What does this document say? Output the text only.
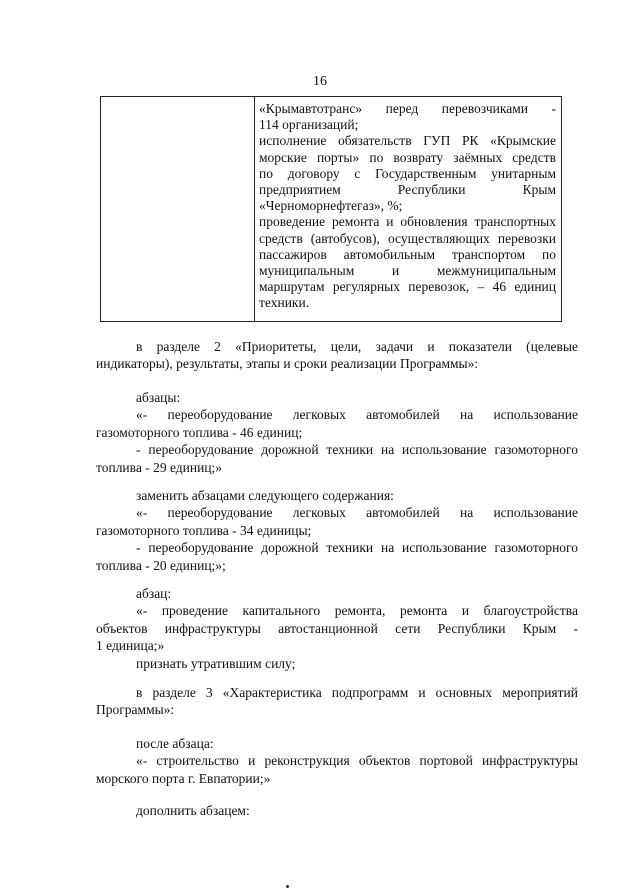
16
«Крымавтотранс» перед перевозчиками -
114 организаций;
исполнение обязательств ГУП РК «Крымские
морские порты» по возврату заёмных средств
по договору с Государственным унитарным
предприятием Республики Крым
«Черноморнефтегаз», %;
проведение ремонта и обновления транспортных
средств (автобусов), осуществляющих перевозки
пассажиров автомобильным транспортом по
муниципальным и межмуниципальным
маршрутам регулярных перевозок, – 46 единиц
техники.
в разделе 2 «Приоритеты, цели, задачи и показатели (целевые
индикаторы), результаты, этапы и сроки реализации Программы»:
абзацы:
«- переоборудование легковых автомобилей на использование
газомоторного топлива - 46 единиц;
- переоборудование дорожной техники на использование газомоторного
топлива - 29 единиц;»
заменить абзацами следующего содержания:
«- переоборудование легковых автомобилей на использование
газомоторного топлива - 34 единицы;
- переоборудование дорожной техники на использование газомоторного
топлива - 20 единиц;»;
абзац:
«- проведение капитального ремонта, ремонта и благоустройства
объектов инфраструктуры автостанционной сети Республики Крым -
1 единица;»
признать утратившим силу;
в разделе 3 «Характеристика подпрограмм и основных мероприятий
Программы»:
после абзаца:
«- строительство и реконструкция объектов портовой инфраструктуры
морского порта г. Евпатории;»
дополнить абзацем:
